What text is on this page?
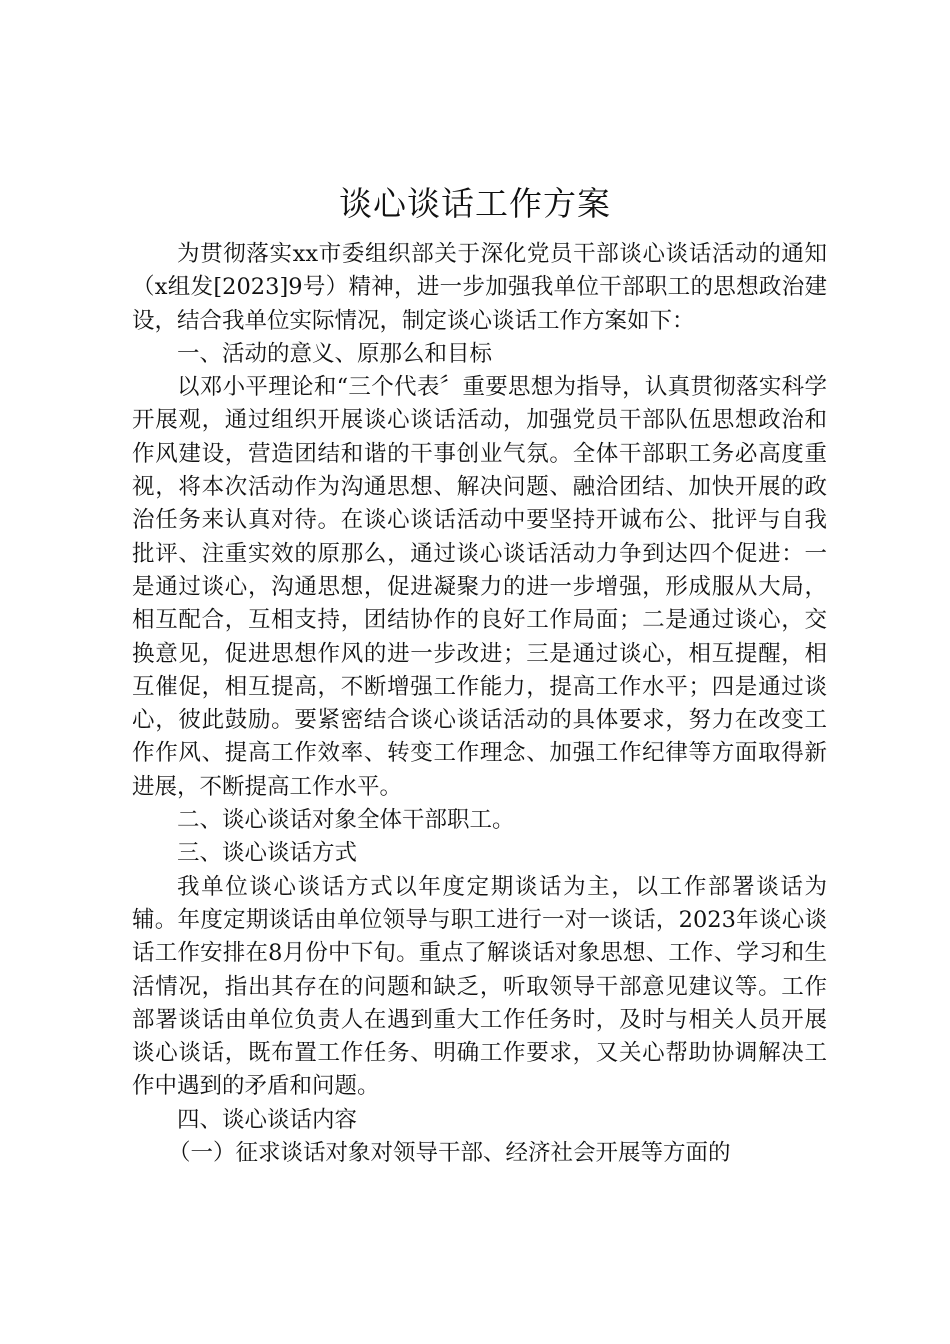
谈心谈话工作方案

为贯彻落实xx市委组织部关于深化党员干部谈心谈话活动的通知（x组发[2023]9号）精神，进一步加强我单位干部职工的思想政治建设，结合我单位实际情况，制定谈心谈话工作方案如下：

一、活动的意义、原那么和目标

以邓小平理论和“三个代表〞重要思想为指导，认真贯彻落实科学开展观，通过组织开展谈心谈话活动，加强党员干部队伍思想政治和作风建设，营造团结和谐的干事创业气氛。全体干部职工务必高度重视，将本次活动作为沟通思想、解决问题、融洽团结、加快开展的政治任务来认真对待。在谈心谈话活动中要坚持开诚布公、批评与自我批评、注重实效的原那么，通过谈心谈话活动力争到达四个促进：一是通过谈心，沟通思想，促进凝聚力的进一步增强，形成服从大局，相互配合，互相支持，团结协作的良好工作局面；二是通过谈心，交换意见，促进思想作风的进一步改进；三是通过谈心，相互提醒，相互催促，相互提高，不断增强工作能力，提高工作水平；四是通过谈心，彼此鼓励。要紧密结合谈心谈话活动的具体要求，努力在改变工作作风、提高工作效率、转变工作理念、加强工作纪律等方面取得新进展，不断提高工作水平。

二、谈心谈话对象全体干部职工。

三、谈心谈话方式

我单位谈心谈话方式以年度定期谈话为主，以工作部署谈话为辅。年度定期谈话由单位领导与职工进行一对一谈话，2023年谈心谈话工作安排在8月份中下旬。重点了解谈话对象思想、工作、学习和生活情况，指出其存在的问题和缺乏，听取领导干部意见建议等。工作部署谈话由单位负责人在遇到重大工作任务时，及时与相关人员开展谈心谈话，既布置工作任务、明确工作要求，又关心帮助协调解决工作中遇到的矛盾和问题。

四、谈心谈话内容

（一）征求谈话对象对领导干部、经济社会开展等方面的
